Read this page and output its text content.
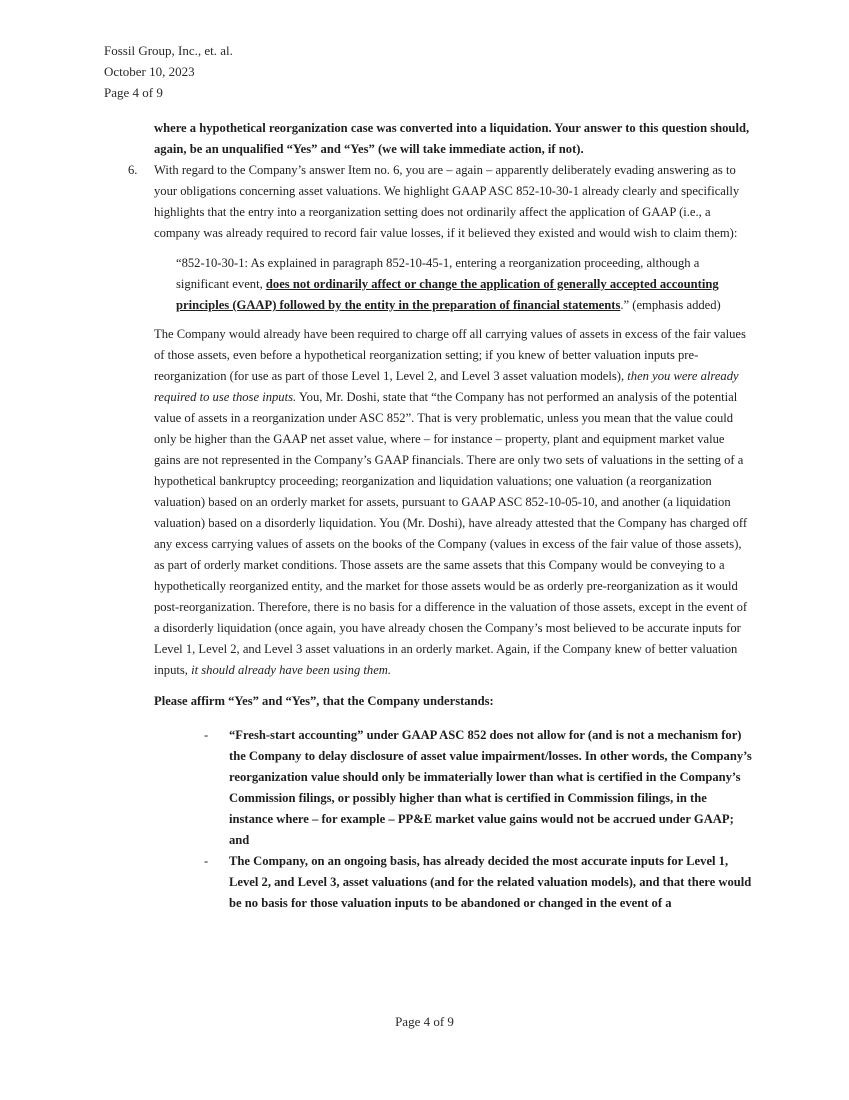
Fossil Group, Inc., et. al.
October 10, 2023
Page 4 of 9

where a hypothetical reorganization case was converted into a liquidation. Your answer to this question should, again, be an unqualified “Yes” and “Yes” (we will take immediate action, if not).

6. With regard to the Company’s answer Item no. 6, you are – again – apparently deliberately evading answering as to your obligations concerning asset valuations. We highlight GAAP ASC 852-10-30-1 already clearly and specifically highlights that the entry into a reorganization setting does not ordinarily affect the application of GAAP (i.e., a company was already required to record fair value losses, if it believed they existed and would wish to claim them):

“852-10-30-1: As explained in paragraph 852-10-45-1, entering a reorganization proceeding, although a significant event, does not ordinarily affect or change the application of generally accepted accounting principles (GAAP) followed by the entity in the preparation of financial statements.” (emphasis added)

The Company would already have been required to charge off all carrying values of assets in excess of the fair values of those assets, even before a hypothetical reorganization setting; if you knew of better valuation inputs pre-reorganization (for use as part of those Level 1, Level 2, and Level 3 asset valuation models), then you were already required to use those inputs. You, Mr. Doshi, state that “the Company has not performed an analysis of the potential value of assets in a reorganization under ASC 852”. That is very problematic, unless you mean that the value could only be higher than the GAAP net asset value, where – for instance – property, plant and equipment market value gains are not represented in the Company’s GAAP financials. There are only two sets of valuations in the setting of a hypothetical bankruptcy proceeding; reorganization and liquidation valuations; one valuation (a reorganization valuation) based on an orderly market for assets, pursuant to GAAP ASC 852-10-05-10, and another (a liquidation valuation) based on a disorderly liquidation. You (Mr. Doshi), have already attested that the Company has charged off any excess carrying values of assets on the books of the Company (values in excess of the fair value of those assets), as part of orderly market conditions. Those assets are the same assets that this Company would be conveying to a hypothetically reorganized entity, and the market for those assets would be as orderly pre-reorganization as it would post-reorganization. Therefore, there is no basis for a difference in the valuation of those assets, except in the event of a disorderly liquidation (once again, you have already chosen the Company’s most believed to be accurate inputs for Level 1, Level 2, and Level 3 asset valuations in an orderly market. Again, if the Company knew of better valuation inputs, it should already have been using them.

Please affirm “Yes” and “Yes”, that the Company understands:

- “Fresh-start accounting” under GAAP ASC 852 does not allow for (and is not a mechanism for) the Company to delay disclosure of asset value impairment/losses. In other words, the Company’s reorganization value should only be immaterially lower than what is certified in the Company’s Commission filings, or possibly higher than what is certified in Commission filings, in the instance where – for example – PP&E market value gains would not be accrued under GAAP; and
- The Company, on an ongoing basis, has already decided the most accurate inputs for Level 1, Level 2, and Level 3, asset valuations (and for the related valuation models), and that there would be no basis for those valuation inputs to be abandoned or changed in the event of a
Page 4 of 9
